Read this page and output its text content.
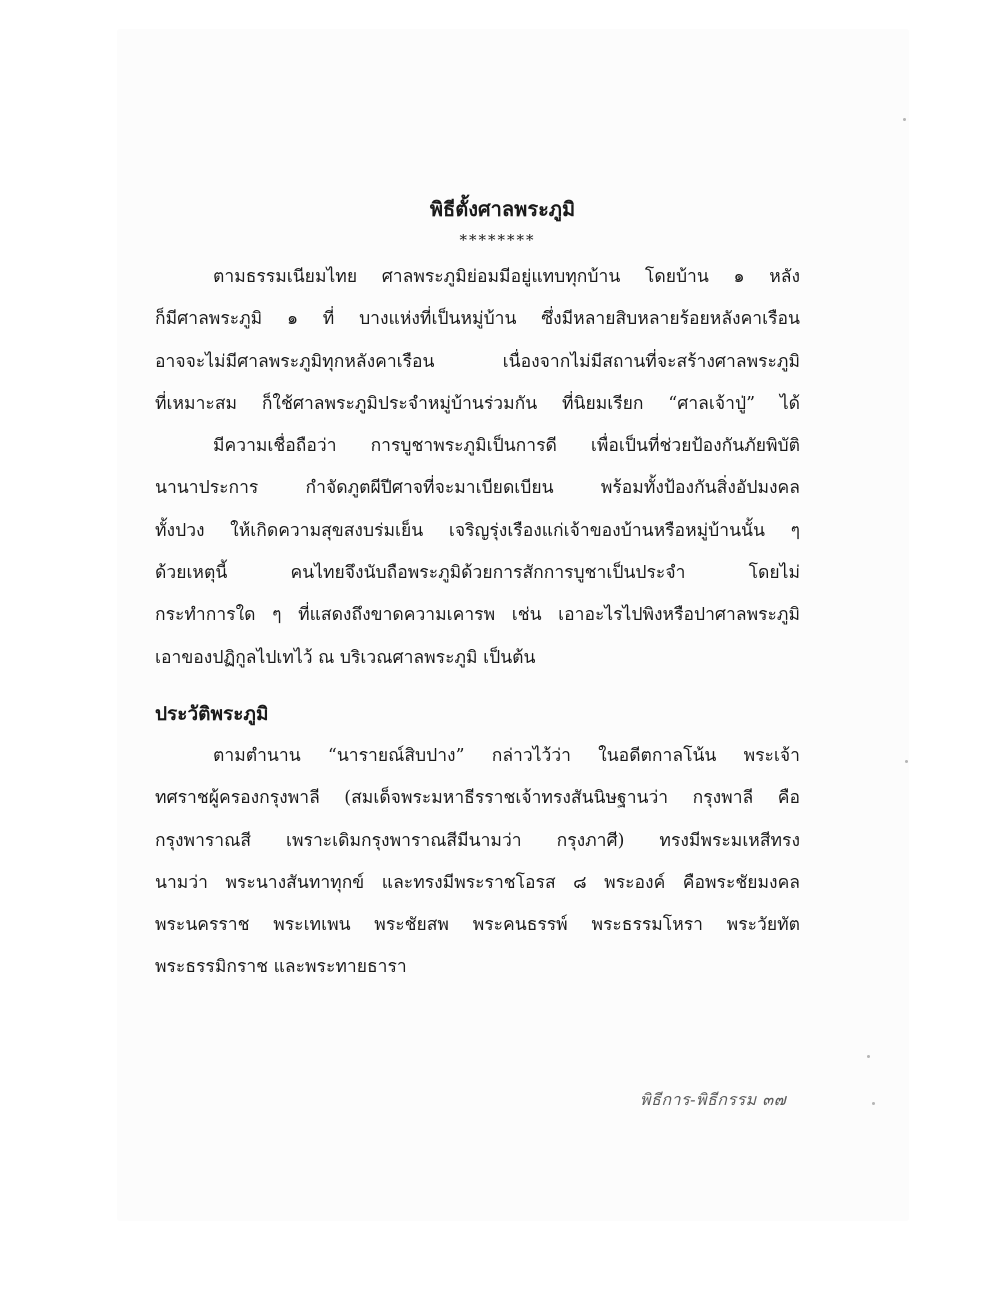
พิธีตั้งศาลพระภูมิ
********
ตามธรรมเนียมไทย ศาลพระภูมิย่อมมีอยู่แทบทุกบ้าน โดยบ้าน ๑ หลัง
ก็มีศาลพระภูมิ ๑ ที่ บางแห่งที่เป็นหมู่บ้าน ซึ่งมีหลายสิบหลายร้อยหลังคาเรือน
อาจจะไม่มีศาลพระภูมิทุกหลังคาเรือน เนื่องจากไม่มีสถานที่จะสร้างศาลพระภูมิ
ที่เหมาะสม ก็ใช้ศาลพระภูมิประจำหมู่บ้านร่วมกัน ที่นิยมเรียก “ศาลเจ้าปู่” ได้
มีความเชื่อถือว่า การบูชาพระภูมิเป็นการดี เพื่อเป็นที่ช่วยป้องกันภัยพิบัติ
นานาประการ กำจัดภูตผีปีศาจที่จะมาเบียดเบียน พร้อมทั้งป้องกันสิ่งอัปมงคล
ทั้งปวง ให้เกิดความสุขสงบร่มเย็น เจริญรุ่งเรืองแก่เจ้าของบ้านหรือหมู่บ้านนั้น ๆ
ด้วยเหตุนี้ คนไทยจึงนับถือพระภูมิด้วยการสักการบูชาเป็นประจำ โดยไม่
กระทำการใด ๆ ที่แสดงถึงขาดความเคารพ เช่น เอาอะไรไปพิงหรือปาศาลพระภูมิ
เอาของปฏิกูลไปเทไว้ ณ บริเวณศาลพระภูมิ เป็นต้น
ประวัติพระภูมิ
ตามตำนาน “นารายณ์สิบปาง” กล่าวไว้ว่า ในอดีตกาลโน้น พระเจ้า
ทศราชผู้ครองกรุงพาลี (สมเด็จพระมหาธีรราชเจ้าทรงสันนิษฐานว่า กรุงพาลี คือ
กรุงพาราณสี เพราะเดิมกรุงพาราณสีมีนามว่า กรุงภาศี) ทรงมีพระมเหสีทรง
นามว่า พระนางสันทาทุกข์ และทรงมีพระราชโอรส ๘ พระองค์ คือพระชัยมงคล
พระนครราช พระเทเพน พระชัยสพ พระคนธรรพ์ พระธรรมโหรา พระวัยทัต
พระธรรมิกราช และพระทายธารา
พิธีการ-พิธีกรรม ๓๗
